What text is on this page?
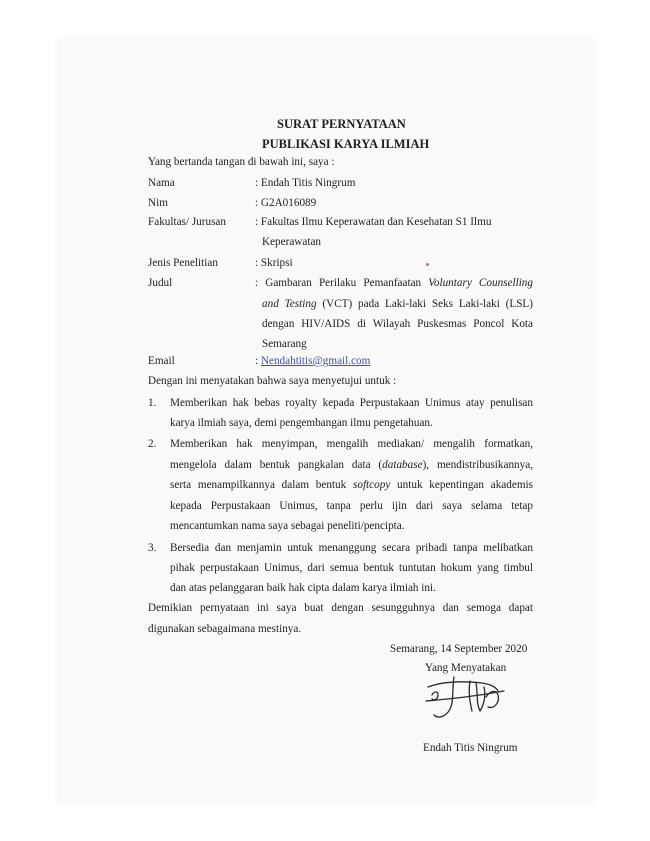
SURAT PERNYATAAN
PUBLIKASI KARYA ILMIAH
Yang bertanda tangan di bawah ini, saya :
Nama	: Endah Titis Ningrum
Nim	: G2A016089
Fakultas/ Jurusan	: Fakultas Ilmu Keperawatan dan Kesehatan S1 Ilmu
Keperawatan
Jenis Penelitian	: Skripsi
Judul	: Gambaran Perilaku Pemanfaatan Voluntary Counselling
and Testing (VCT) pada Laki-laki Seks Laki-laki (LSL)
dengan HIV/AIDS di Wilayah Puskesmas Poncol Kota
Semarang
Email	: Nendahtitis@gmail.com
Dengan ini menyatakan bahwa saya menyetujui untuk :
1. Memberikan hak bebas royalty kepada Perpustakaan Unimus atay penulisan
karya ilmiah saya, demi pengembangan ilmu pengetahuan.
2. Memberikan hak menyimpan, mengalih mediakan/ mengalih formatkan,
mengelola dalam bentuk pangkalan data (database), mendistribusikannya,
serta menampilkannya dalam bentuk softcopy untuk kepentingan akademis
kepada Perpustakaan Unimus, tanpa perlu ijin dari saya selama tetap
mencantumkan nama saya sebagai peneliti/pencipta.
3. Bersedia dan menjamin untuk menanggung secara pribadi tanpa melibatkan
pihak perpustakaan Unimus, dari semua bentuk tuntutan hokum yang timbul
dan atas pelanggaran baik hak cipta dalam karya ilmiah ini.
Demikian pernyataan ini saya buat dengan sesungguhnya dan semoga dapat
digunakan sebagaimana mestinya.
Semarang, 14 September 2020
Yang Menyatakan
Endah Titis Ningrum
